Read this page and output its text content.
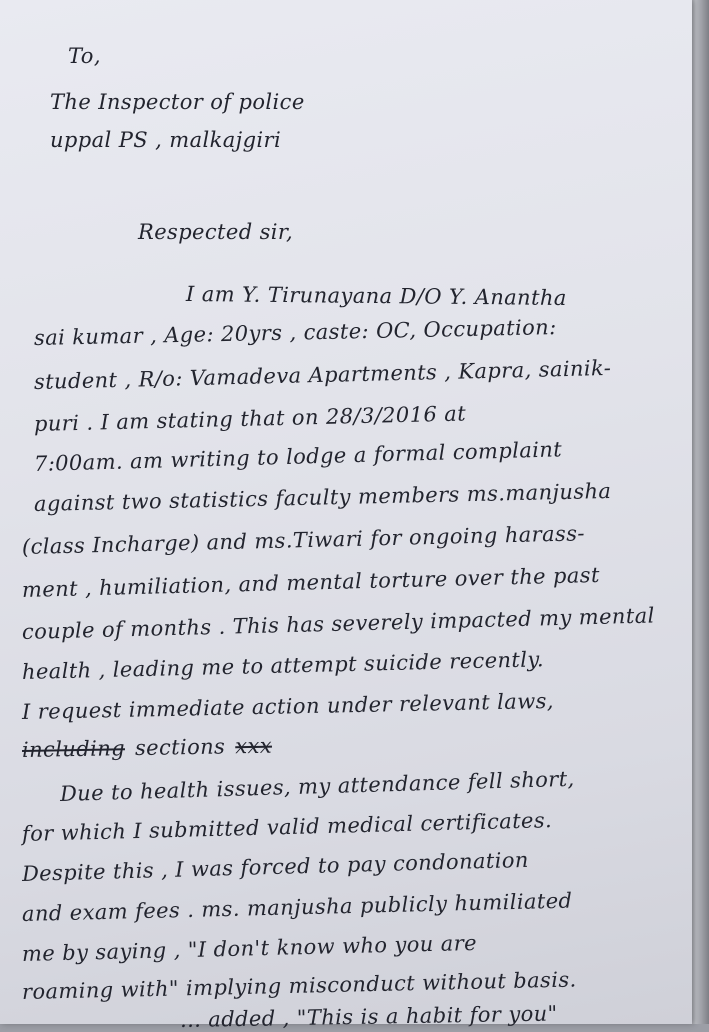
To,
The Inspector of police
uppal PS , malkajgiri
Respected sir,
I am Y. Tirunayana D/O Y. Anantha
sai kumar , Age: 20yrs , caste: OC, Occupation:
student , R/o: Vamadeva Apartments , Kapra, sainik-
puri . I am stating that on 28/3/2016 at
7:00am. am writing to lodge a formal complaint
against two statistics faculty members ms.manjusha
(class Incharge) and ms.Tiwari for ongoing harass-
ment , humiliation, and mental torture over the past
couple of months . This has severely impacted my mental
health , leading me to attempt suicide recently.
I request immediate action under relevant laws,
including sections xxx
Due to health issues, my attendance fell short,
for which I submitted valid medical certificates.
Despite this , I was forced to pay condonation
and exam fees . ms. manjusha publicly humiliated
me by saying , "I don't know who you are
roaming with" implying misconduct without basis.
... added , "This is a habit for you"
